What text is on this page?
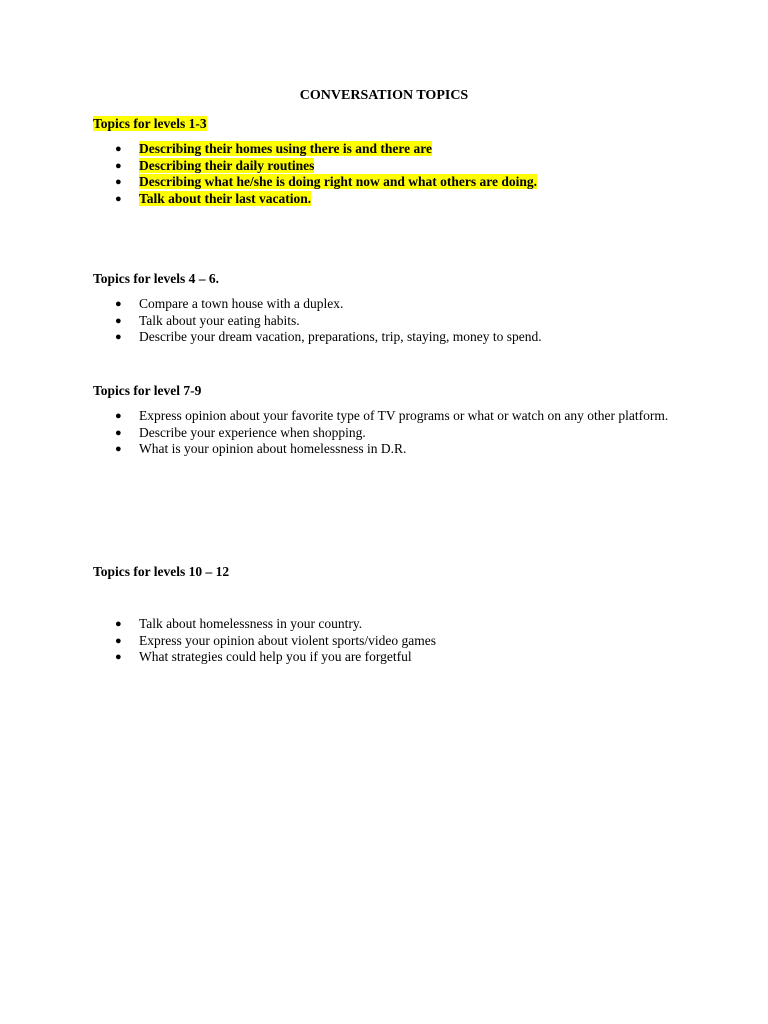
CONVERSATION TOPICS
Topics for levels 1-3
● Describing their homes using there is and there are
● Describing their daily routines
● Describing what he/she is doing right now and what others are doing.
● Talk about their last vacation.
Topics for levels 4 – 6.
● Compare a town house with a duplex.
● Talk about your eating habits.
● Describe your dream vacation, preparations, trip, staying, money to spend.
Topics for level 7-9
● Express opinion about your favorite type of TV programs or what or watch on any other platform.
● Describe your experience when shopping.
● What is your opinion about homelessness in D.R.
Topics for levels 10 – 12
● Talk about homelessness in your country.
● Express your opinion about violent sports/video games
● What strategies could help you if you are forgetful
